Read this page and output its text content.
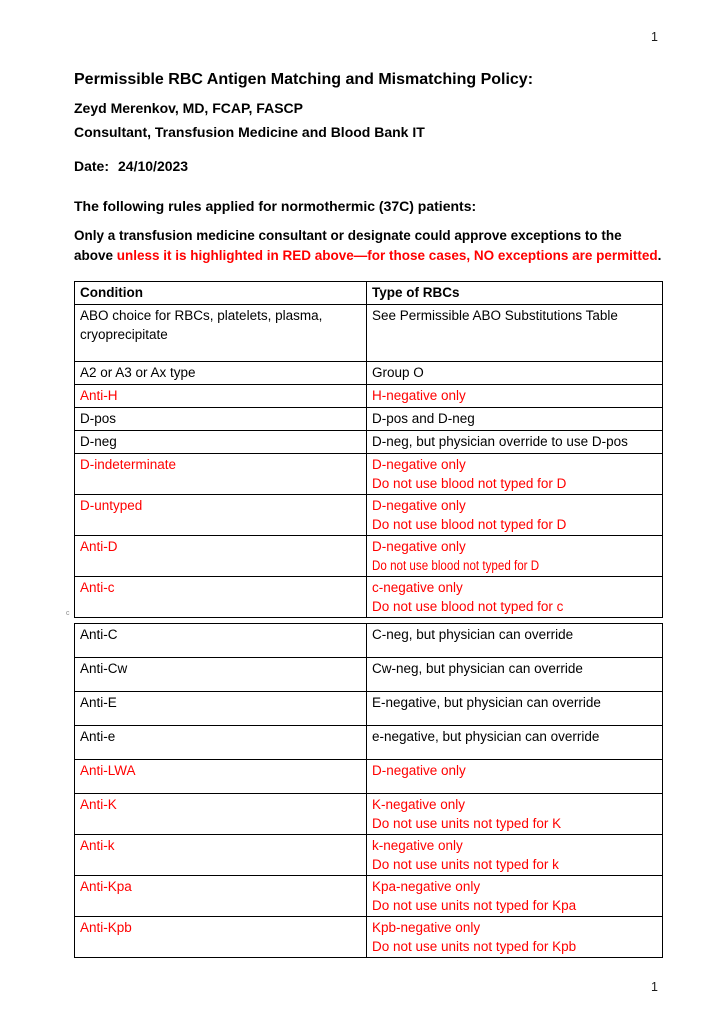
1
Permissible RBC Antigen Matching and Mismatching Policy:
Zeyd Merenkov, MD, FCAP, FASCP
Consultant, Transfusion Medicine and Blood Bank IT
Date: 24/10/2023
The following rules applied for normothermic (37C) patients:
Only a transfusion medicine consultant or designate could approve exceptions to the above unless it is highlighted in RED above—for those cases, NO exceptions are permitted.
Condition	Type of RBCs
ABO choice for RBCs, platelets, plasma, cryoprecipitate	See Permissible ABO Substitutions Table

A2 or A3 or Ax type	Group O

Anti-H	H-negative only

D-pos	D-pos and D-neg

D-neg	D-neg, but physician override to use D-pos

D-indeterminate	D-negative only
Do not use blood not typed for D

D-untyped	D-negative only
Do not use blood not typed for D

Anti-D	D-negative only
Do not use blood not typed for D
Anti-c	c-negative only
Do not use blood not typed for c
c
Anti-C	C-neg, but physician can override

Anti-Cw	Cw-neg, but physician can override

Anti-E	E-negative, but physician can override

Anti-e	e-negative, but physician can override

Anti-LWA	D-negative only

Anti-K	K-negative only
Do not use units not typed for K

Anti-k	k-negative only
Do not use units not typed for k

Anti-Kpa	Kpa-negative only
Do not use units not typed for Kpa

Anti-Kpb	Kpb-negative only
Do not use units not typed for Kpb
1
